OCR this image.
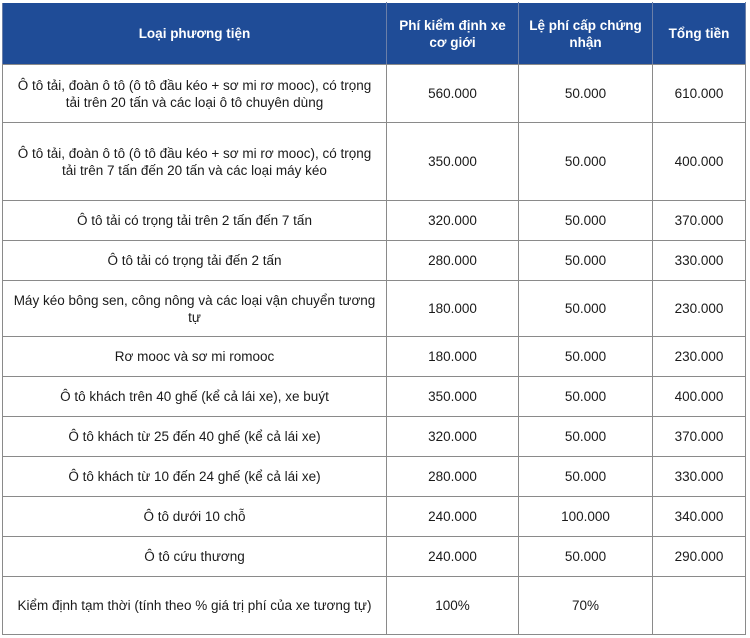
Loại phương tiện	Phí kiểm định xe cơ giới	Lệ phí cấp chứng nhận	Tổng tiền
Ô tô tải, đoàn ô tô (ô tô đầu kéo + sơ mi rơ mooc), có trọng tải trên 20 tấn và các loại ô tô chuyên dùng	560.000	50.000	610.000
Ô tô tải, đoàn ô tô (ô tô đầu kéo + sơ mi rơ mooc), có trọng tải trên 7 tấn đến 20 tấn và các loại máy kéo	350.000	50.000	400.000
Ô tô tải có trọng tải trên 2 tấn đến 7 tấn	320.000	50.000	370.000
Ô tô tải có trọng tải đến 2 tấn	280.000	50.000	330.000
Máy kéo bông sen, công nông và các loại vận chuyển tương tự	180.000	50.000	230.000
Rơ mooc và sơ mi romooc	180.000	50.000	230.000
Ô tô khách trên 40 ghế (kể cả lái xe), xe buýt	350.000	50.000	400.000
Ô tô khách từ 25 đến 40 ghế (kể cả lái xe)	320.000	50.000	370.000
Ô tô khách từ 10 đến 24 ghế (kể cả lái xe)	280.000	50.000	330.000
Ô tô dưới 10 chỗ	240.000	100.000	340.000
Ô tô cứu thương	240.000	50.000	290.000
Kiểm định tạm thời (tính theo % giá trị phí của xe tương tự)	100%	70%	
